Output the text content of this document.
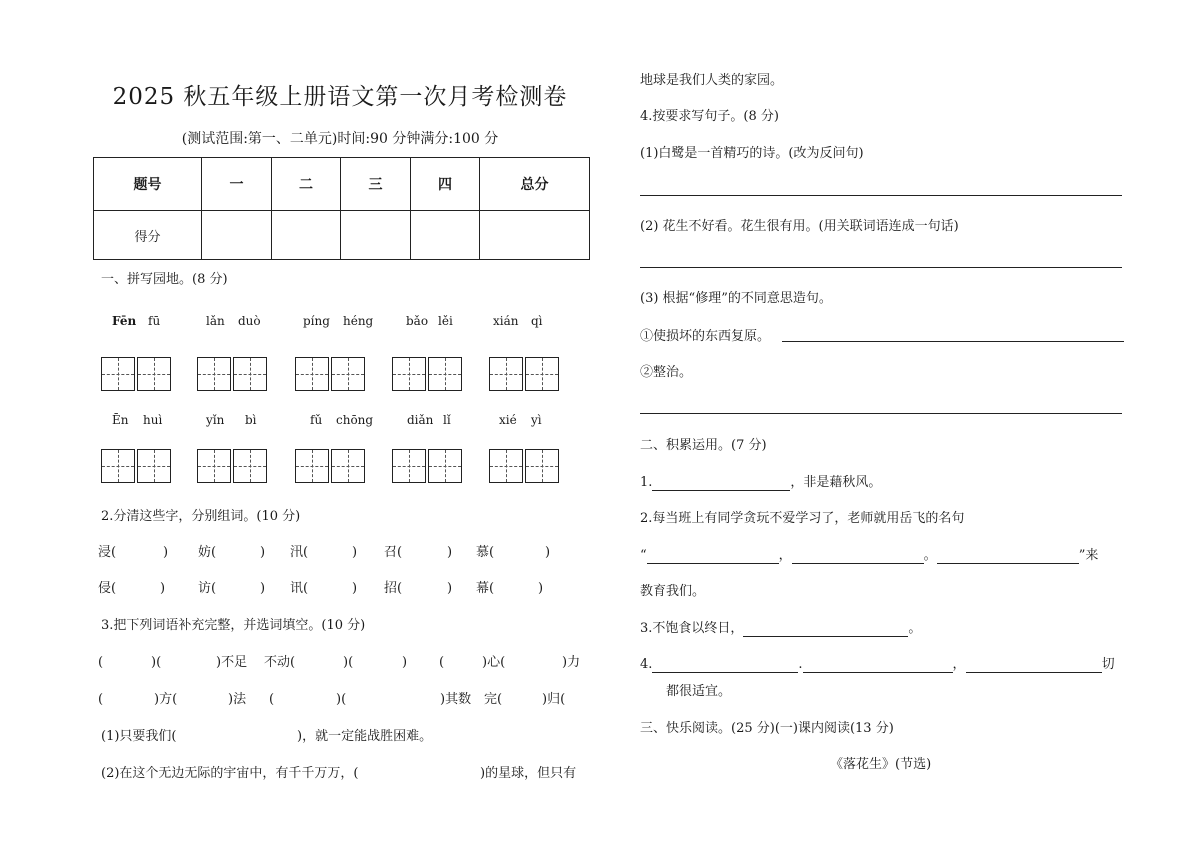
2025 秋五年级上册语文第一次月考检测卷
(测试范围:第一、二单元)时间:90 分钟满分:100 分
题号	一	二	三	四	总分
得分					
一、拼写园地。(8 分)
Fēn fū	lǎn duò	píng héng	bǎo lěi	xián qì
Ēn huì	yǐn bì	fǔ chōng	diǎn lǐ	xié yì
2.分清这些字，分别组词。(10 分)
浸(	) 妨(	) 汛(	) 召(	) 慕(	)
侵(	)	访(	) 讯(	) 招(	) 幕(	)
3.把下列词语补充完整，并选词填空。(10 分)
(	)(	)不足 不动(	)(	) (	)心(	)力
(	)方(	)法 (	)(	)其数 完(	)归(
(1)只要我们(	)，就一定能战胜困难。
(2)在这个无边无际的宇宙中，有千千万万，(	)的星球，但只有
地球是我们人类的家园。
4.按要求写句子。(8 分)
(1)白鹭是一首精巧的诗。(改为反问句)
(2) 花生不好看。花生很有用。(用关联词语连成一句话)
(3) 根据“修理”的不同意思造句。
①使损坏的东西复原。
②整治。
二、积累运用。(7 分)
1.	，非是藉秋风。
2.每当班上有同学贪玩不爱学习了，老师就用岳飞的名句
“	，	。	”来
教育我们。
3.不饱食以终日，	。
4.	.	，	切
都很适宜。
三、快乐阅读。(25 分)(一)课内阅读(13 分)
《落花生》(节选)
